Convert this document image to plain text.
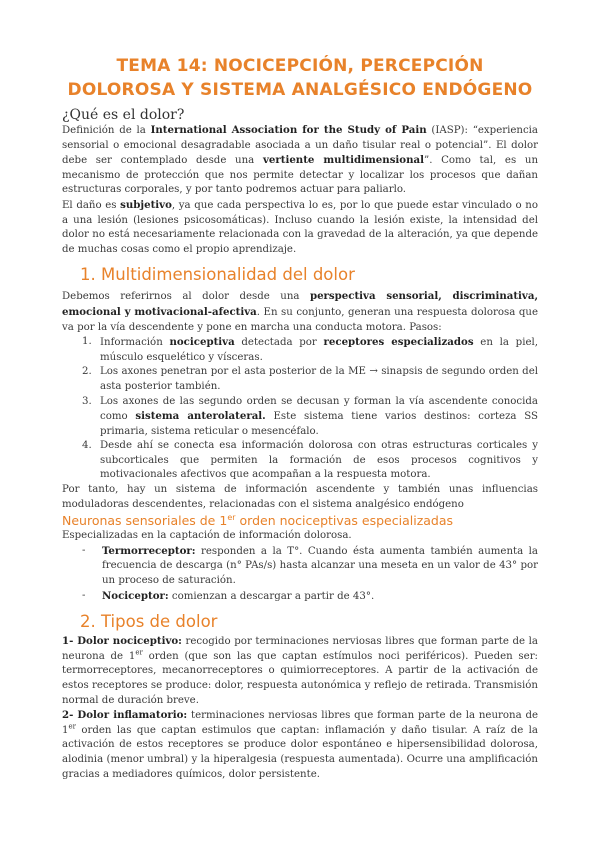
TEMA 14: NOCICEPCIÓN, PERCEPCIÓN
DOLOROSA Y SISTEMA ANALGÉSICO ENDÓGENO
¿Qué es el dolor?

Definición de la International Association for the Study of Pain (IASP): “experiencia sensorial o emocional desagradable asociada a un daño tisular real o potencial”. El dolor debe ser contemplado desde una vertiente multidimensional”. Como tal, es un mecanismo de protección que nos permite detectar y localizar los procesos que dañan estructuras corporales, y por tanto podremos actuar para paliarlo.

El daño es subjetivo, ya que cada perspectiva lo es, por lo que puede estar vinculado o no a una lesión (lesiones psicosomáticas). Incluso cuando la lesión existe, la intensidad del dolor no está necesariamente relacionada con la gravedad de la alteración, ya que depende de muchas cosas como el propio aprendizaje.

1. Multidimensionalidad del dolor

Debemos referirnos al dolor desde una perspectiva sensorial, discriminativa, emocional y motivacional-afectiva. En su conjunto, generan una respuesta dolorosa que va por la vía descendente y pone en marcha una conducta motora. Pasos:

1. Información nociceptiva detectada por receptores especializados en la piel, músculo esquelético y vísceras.
2. Los axones penetran por el asta posterior de la ME → sinapsis de segundo orden del asta posterior también.
3. Los axones de las segundo orden se decusan y forman la vía ascendente conocida como sistema anterolateral. Este sistema tiene varios destinos: corteza SS primaria, sistema reticular o mesencéfalo.
4. Desde ahí se conecta esa información dolorosa con otras estructuras corticales y subcorticales que permiten la formación de esos procesos cognitivos y motivacionales afectivos que acompañan a la respuesta motora.

Por tanto, hay un sistema de información ascendente y también unas influencias moduladoras descendentes, relacionadas con el sistema analgésico endógeno

Neuronas sensoriales de 1er orden nociceptivas especializadas

Especializadas en la captación de información dolorosa.

- Termorreceptor: responden a la T°. Cuando ésta aumenta también aumenta la frecuencia de descarga (n° PAs/s) hasta alcanzar una meseta en un valor de 43° por un proceso de saturación.
- Nociceptor: comienzan a descargar a partir de 43°.
2. Tipos de dolor

1- Dolor nociceptivo: recogido por terminaciones nerviosas libres que forman parte de la neurona de 1er orden (que son las que captan estímulos noci periféricos). Pueden ser: termorreceptores, mecanorreceptores o quimiorreceptores. A partir de la activación de estos receptores se produce: dolor, respuesta autonómica y reflejo de retirada. Transmisión normal de duración breve.

2- Dolor inflamatorio: terminaciones nerviosas libres que forman parte de la neurona de 1er orden las que captan estimulos que captan: inflamación y daño tisular. A raíz de la activación de estos receptores se produce dolor espontáneo e hipersensibilidad dolorosa, alodinia (menor umbral) y la hiperalgesia (respuesta aumentada). Ocurre una amplificación gracias a mediadores químicos, dolor persistente.
